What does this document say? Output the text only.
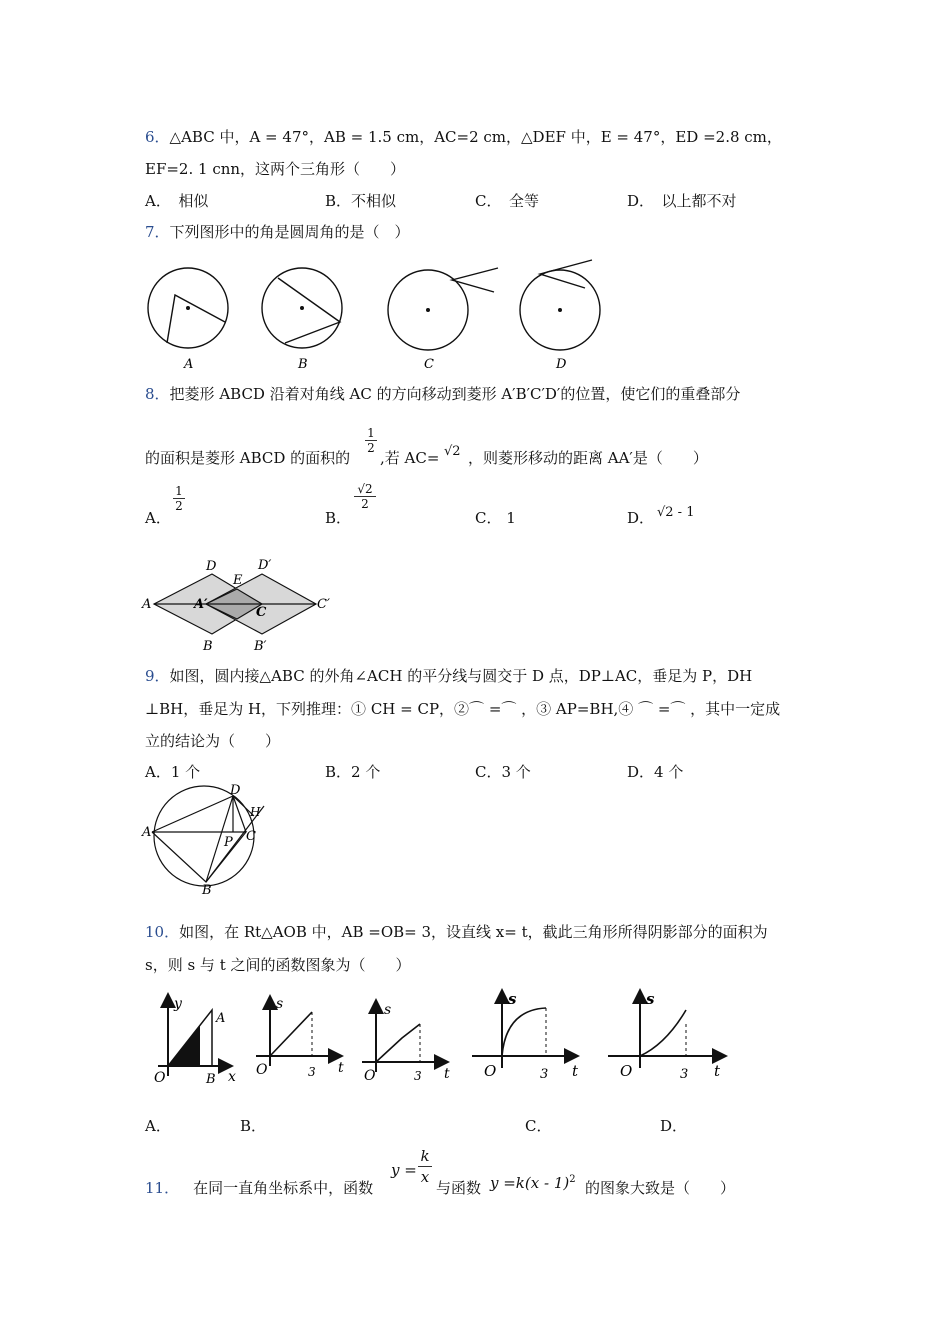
6．△ABC 中，A = 47°，AB = 1.5 cm，AC=2 cm，△DEF 中，E = 47°，ED =2.8 cm，
EF=2. 1 cnn，这两个三角形（　　）
A．　相似	B．不相似	C．　全等	D．　以上都不对
7．下列图形中的角是圆周角的是（　）
A	B	C	D
8．把菱形 ABCD 沿着对角线 AC 的方向移动到菱形 A′B′C′D′的位置，使它们的重叠部分
的面积是菱形 ABCD 的面积的
$\frac{1}{2}$
,若 AC= √2 ，则菱形移动的距离 AA′是（　　）
A．
$\frac{1}{2}$
B．
$\frac{√2}{2}$
C． 1	D． √2 - 1
A
D
E
D′
A′
C
C′
B	B′
9．如图，圆内接△ABC 的外角∠ACH 的平分线与圆交于 D 点，DP⊥AC，垂足为 P，DH
⊥BH，垂足为 H，下列推理：① CH = CP，②⌒ =⌒ ，③ AP=BH,④ ⌒ =⌒ ，其中一定成
立的结论为（　　）
A．1 个	B．2 个	C．3 个	D．4 个
A
D
H
C
P
B
10．如图，在 Rt△AOB 中，AB =OB= 3，设直线 x= t，截此三角形所得阴影部分的面积为
s，则 s 与 t 之间的函数图象为（　　）
y
A
O	B x
s
O	3 t
s
O	3 t
s
O	3 t
s
O	3 t
A．	B．	C．	D．
11． 在同一直角坐标系中，函数
$y = \frac{k}{x}$
与函数 y =k(x - 1)$^2$ 的图象大致是（　　）
